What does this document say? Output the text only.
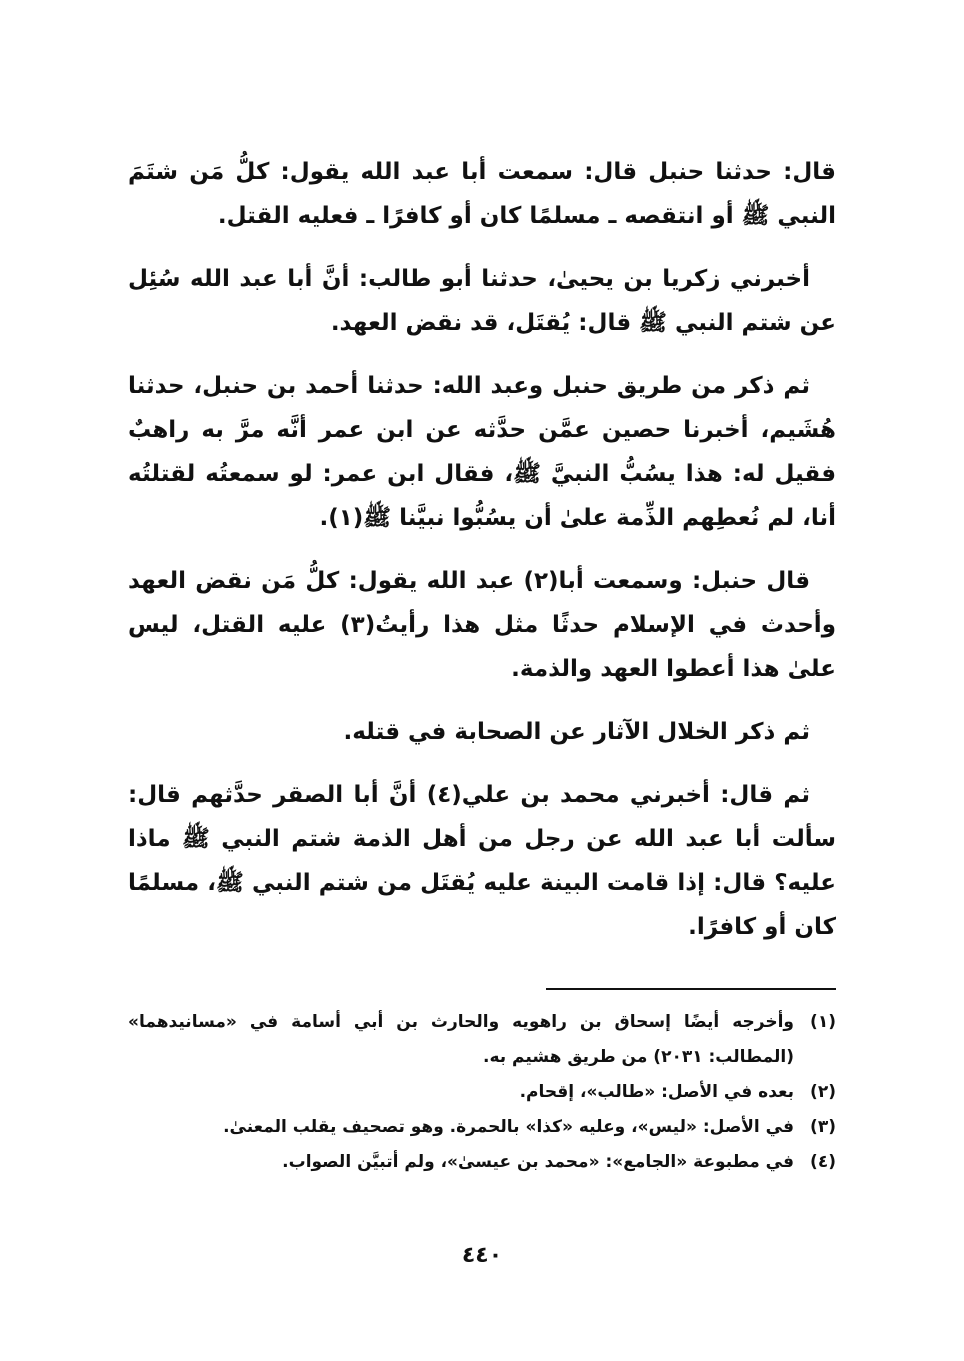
قال: حدثنا حنبل قال: سمعت أبا عبد الله يقول: كلُّ مَن شتَمَ النبي ﷺ أو انتقصه ـ مسلمًا كان أو كافرًا ـ فعليه القتل.

أخبرني زكريا بن يحيىٰ، حدثنا أبو طالب: أنَّ أبا عبد الله سُئِل عن شتم النبي ﷺ قال: يُقتَل، قد نقض العهد.

ثم ذكر من طريق حنبل وعبد الله: حدثنا أحمد بن حنبل، حدثنا هُشَيم، أخبرنا حصين عمَّن حدَّثه عن ابن عمر أنَّه مرَّ به راهبٌ فقيل له: هذا يسُبُّ النبيَّ ﷺ، فقال ابن عمر: لو سمعتُه لقتلتُه أنا، لم نُعطِهم الذِّمة علىٰ أن يسُبُّوا نبيَّنا ﷺ(١).

قال حنبل: وسمعت أبا(٢) عبد الله يقول: كلُّ مَن نقض العهد وأحدث في الإسلام حدثًا مثل هذا رأيتُ(٣) عليه القتل، ليس علىٰ هذا أعطوا العهد والذمة.

ثم ذكر الخلال الآثار عن الصحابة في قتله.

ثم قال: أخبرني محمد بن علي(٤) أنَّ أبا الصقر حدَّثهم قال: سألت أبا عبد الله عن رجل من أهل الذمة شتم النبي ﷺ ماذا عليه؟ قال: إذا قامت البينة عليه يُقتَل من شتم النبي ﷺ، مسلمًا كان أو كافرًا.

(١)
وأخرجه أيضًا إسحاق بن راهويه والحارث بن أبي أسامة في «مسانيدهما» (المطالب: ٢٠٣١) من طريق هشيم به.
(٢)
بعده في الأصل: «طالب»، إقحام.
(٣)
في الأصل: «ليس»، وعليه «كذا» بالحمرة. وهو تصحيف يقلب المعنىٰ.
(٤)
في مطبوعة «الجامع»: «محمد بن عيسىٰ»، ولم أتبيَّن الصواب.
٤٤٠
